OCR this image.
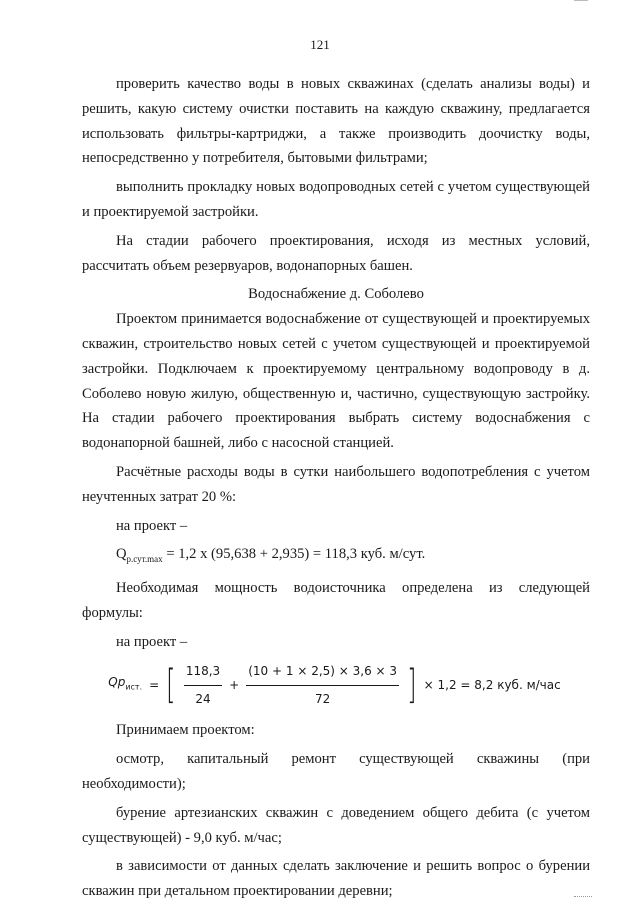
121

проверить качество воды в новых скважинах (сделать анализы воды) и решить, какую систему очистки поставить на каждую скважину, предлагается использовать фильтры-картриджи, а также производить доочистку воды, непосредственно у потребителя, бытовыми фильтрами;

выполнить прокладку новых водопроводных сетей с учетом существующей и проектируемой застройки.

На стадии рабочего проектирования, исходя из местных условий, рассчитать объем резервуаров, водонапорных башен.

Водоснабжение д. Соболево

Проектом принимается водоснабжение от существующей и проектируемых скважин, строительство новых сетей с учетом существующей и проектируемой застройки. Подключаем к проектируемому центральному водопроводу в д. Соболево новую жилую, общественную и, частично, существующую застройку. На стадии рабочего проектирования выбрать систему водоснабжения с водонапорной башней, либо с насосной станцией.

Расчётные расходы воды в сутки наибольшего водопотребления с учетом неучтенных затрат 20 %:

на проект –

$Q_{р.сут.max} = 1,2$ х (95,638 + 2,935) = 118,3 куб. м/сут.

Необходимая мощность водоисточника определена из следующей формулы:

на проект –

$Qр_{ист.}$ = [ $\frac{118,3}{24} + \frac{(10 + 1 \times 2,5) \times 3,6 \times 3}{72}$ ] × 1,2 = 8,2 куб. м/час

Принимаем проектом:

осмотр, капитальный ремонт существующей скважины (при необходимости);

бурение артезианских скважин с доведением общего дебита (с учетом существующей) - 9,0 куб. м/час;

в зависимости от данных сделать заключение и решить вопрос о бурении скважин при детальном проектировании деревни;
